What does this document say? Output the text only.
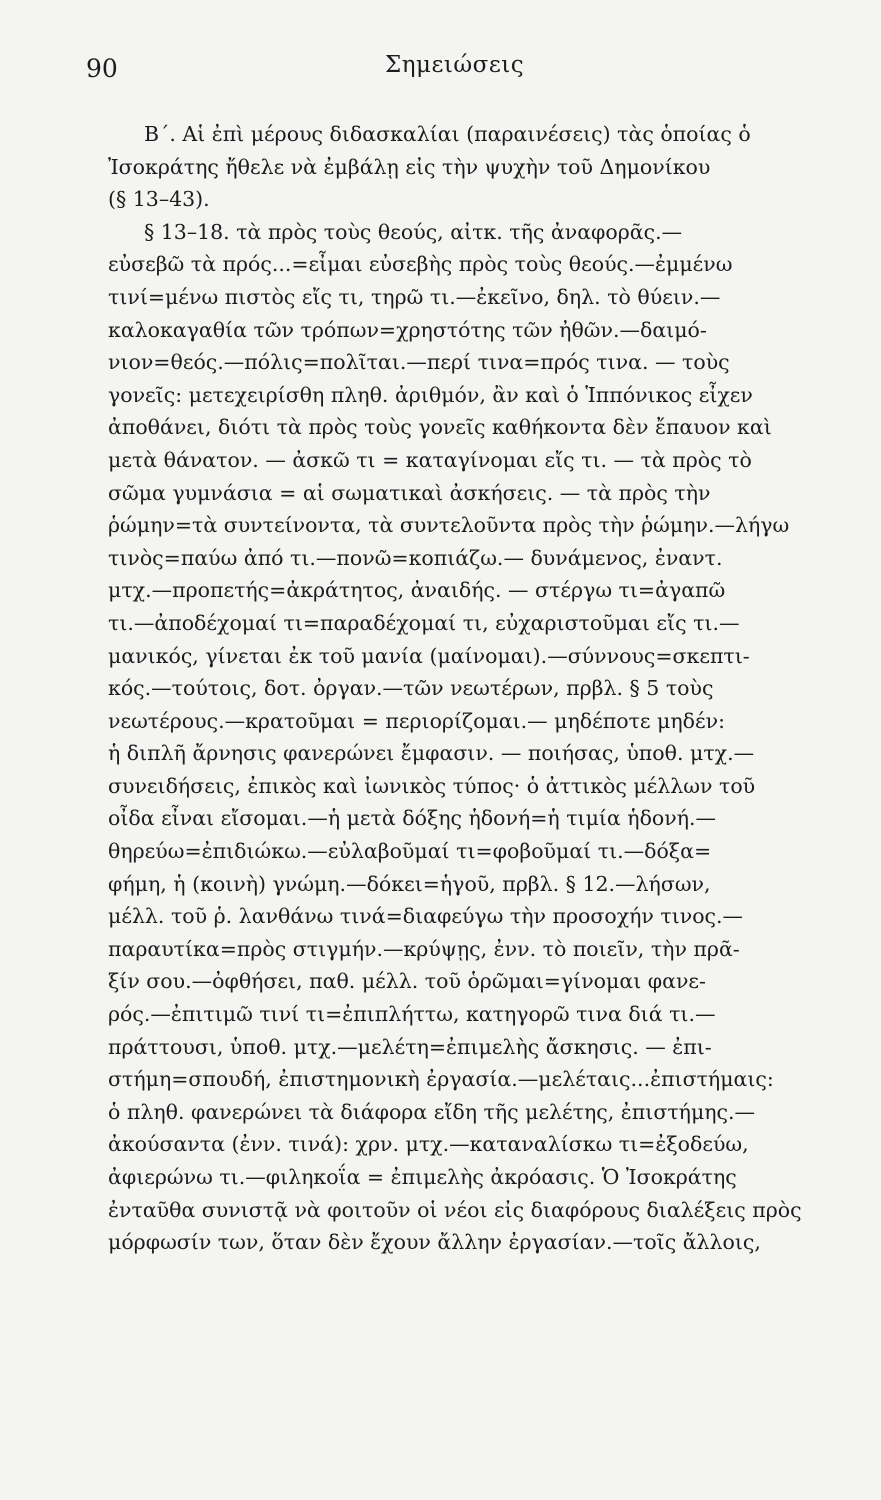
90	Σημειώσεις
Β΄. Αἱ ἐπὶ μέρους διδασκαλίαι (παραινέσεις) τὰς ὁποίας ὁ
Ἰσοκράτης ἤθελε νὰ ἐμβάλῃ εἰς τὴν ψυχὴν τοῦ Δημονίκου
(§ 13–43).
§ 13–18. τὰ πρὸς τοὺς θεούς, αἰτκ. τῆς ἀναφορᾶς.—
εὐσεβῶ τὰ πρός...=εἶμαι εὐσεβὴς πρὸς τοὺς θεούς.—ἐμμένω
τινί=μένω πιστὸς εἴς τι, τηρῶ τι.—ἐκεῖνο, δηλ. τὸ θύειν.—
καλοκαγαθία τῶν τρόπων=χρηστότης τῶν ἠθῶν.—δαιμό-
νιον=θεός.—πόλις=πολῖται.—περί τινα=πρός τινα. — τοὺς
γονεῖς: μετεχειρίσθη πληθ. ἀριθμόν, ἂν καὶ ὁ Ἱππόνικος εἶχεν
ἀποθάνει, διότι τὰ πρὸς τοὺς γονεῖς καθήκοντα δὲν ἔπαυον καὶ
μετὰ θάνατον. — ἀσκῶ τι = καταγίνομαι εἴς τι. — τὰ πρὸς τὸ
σῶμα γυμνάσια = αἱ σωματικαὶ ἀσκήσεις. — τὰ πρὸς τὴν
ῥώμην=τὰ συντείνοντα, τὰ συντελοῦντα πρὸς τὴν ῥώμην.—λήγω
τινὸς=παύω ἀπό τι.—πονῶ=κοπιάζω.— δυνάμενος, ἐναντ.
μτχ.—προπετής=ἀκράτητος, ἀναιδής. — στέργω τι=ἀγαπῶ
τι.—ἀποδέχομαί τι=παραδέχομαί τι, εὐχαριστοῦμαι εἴς τι.—
μανικός, γίνεται ἐκ τοῦ μανία (μαίνομαι).—σύννους=σκεπτι-
κός.—τούτοις, δοτ. ὀργαν.—τῶν νεωτέρων, πρβλ. § 5 τοὺς
νεωτέρους.—κρατοῦμαι = περιορίζομαι.— μηδέποτε μηδέν:
ἡ διπλῆ ἄρνησις φανερώνει ἔμφασιν. — ποιήσας, ὑποθ. μτχ.—
συνειδήσεις, ἐπικὸς καὶ ἰωνικὸς τύπος· ὁ ἀττικὸς μέλλων τοῦ
οἶδα εἶναι εἴσομαι.—ἡ μετὰ δόξης ἡδονή=ἡ τιμία ἡδονή.—
θηρεύω=ἐπιδιώκω.—εὐλαβοῦμαί τι=φοβοῦμαί τι.—δόξα=
φήμη, ἡ (κοινὴ) γνώμη.—δόκει=ἡγοῦ, πρβλ. § 12.—λήσων,
μέλλ. τοῦ ῥ. λανθάνω τινά=διαφεύγω τὴν προσοχήν τινος.—
παραυτίκα=πρὸς στιγμήν.—κρύψῃς, ἐνν. τὸ ποιεῖν, τὴν πρᾶ-
ξίν σου.—ὀφθήσει, παθ. μέλλ. τοῦ ὁρῶμαι=γίνομαι φανε-
ρός.—ἐπιτιμῶ τινί τι=ἐπιπλήττω, κατηγορῶ τινα διά τι.—
πράττουσι, ὑποθ. μτχ.—μελέτη=ἐπιμελὴς ἄσκησις. — ἐπι-
στήμη=σπουδή, ἐπιστημονικὴ ἐργασία.—μελέταις...ἐπιστήμαις:
ὁ πληθ. φανερώνει τὰ διάφορα εἴδη τῆς μελέτης, ἐπιστήμης.—
ἀκούσαντα (ἐνν. τινά): χρν. μτχ.—καταναλίσκω τι=ἐξοδεύω,
ἀφιερώνω τι.—φιληκοΐα = ἐπιμελὴς ἀκρόασις. Ὁ Ἰσοκράτης
ἐνταῦθα συνιστᾷ νὰ φοιτοῦν οἱ νέοι εἰς διαφόρους διαλέξεις πρὸς
μόρφωσίν των, ὅταν δὲν ἔχουν ἄλλην ἐργασίαν.—τοῖς ἄλλοις,
